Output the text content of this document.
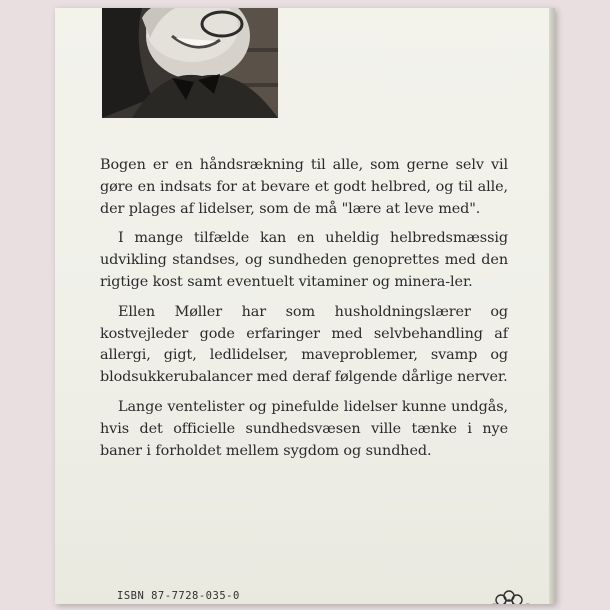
Bogen er en håndsrækning til alle, som gerne selv vil gøre en indsats for at bevare et godt helbred, og til alle, der plages af lidelser, som de må "lære at leve med".

I mange tilfælde kan en uheldig helbredsmæssig udvikling standses, og sundheden genoprettes med den rigtige kost samt eventuelt vitaminer og minera-ler.

Ellen Møller har som husholdningslærer og kostvejleder gode erfaringer med selvbehandling af allergi, gigt, ledlidelser, maveproblemer, svamp og blodsukkerubalancer med deraf følgende dårlige nerver.

Lange ventelister og pinefulde lidelser kunne undgås, hvis det officielle sundhedsvæsen ville tænke i nye baner i forholdet mellem sygdom og sundhed.

ISBN 87-7728-035-0
